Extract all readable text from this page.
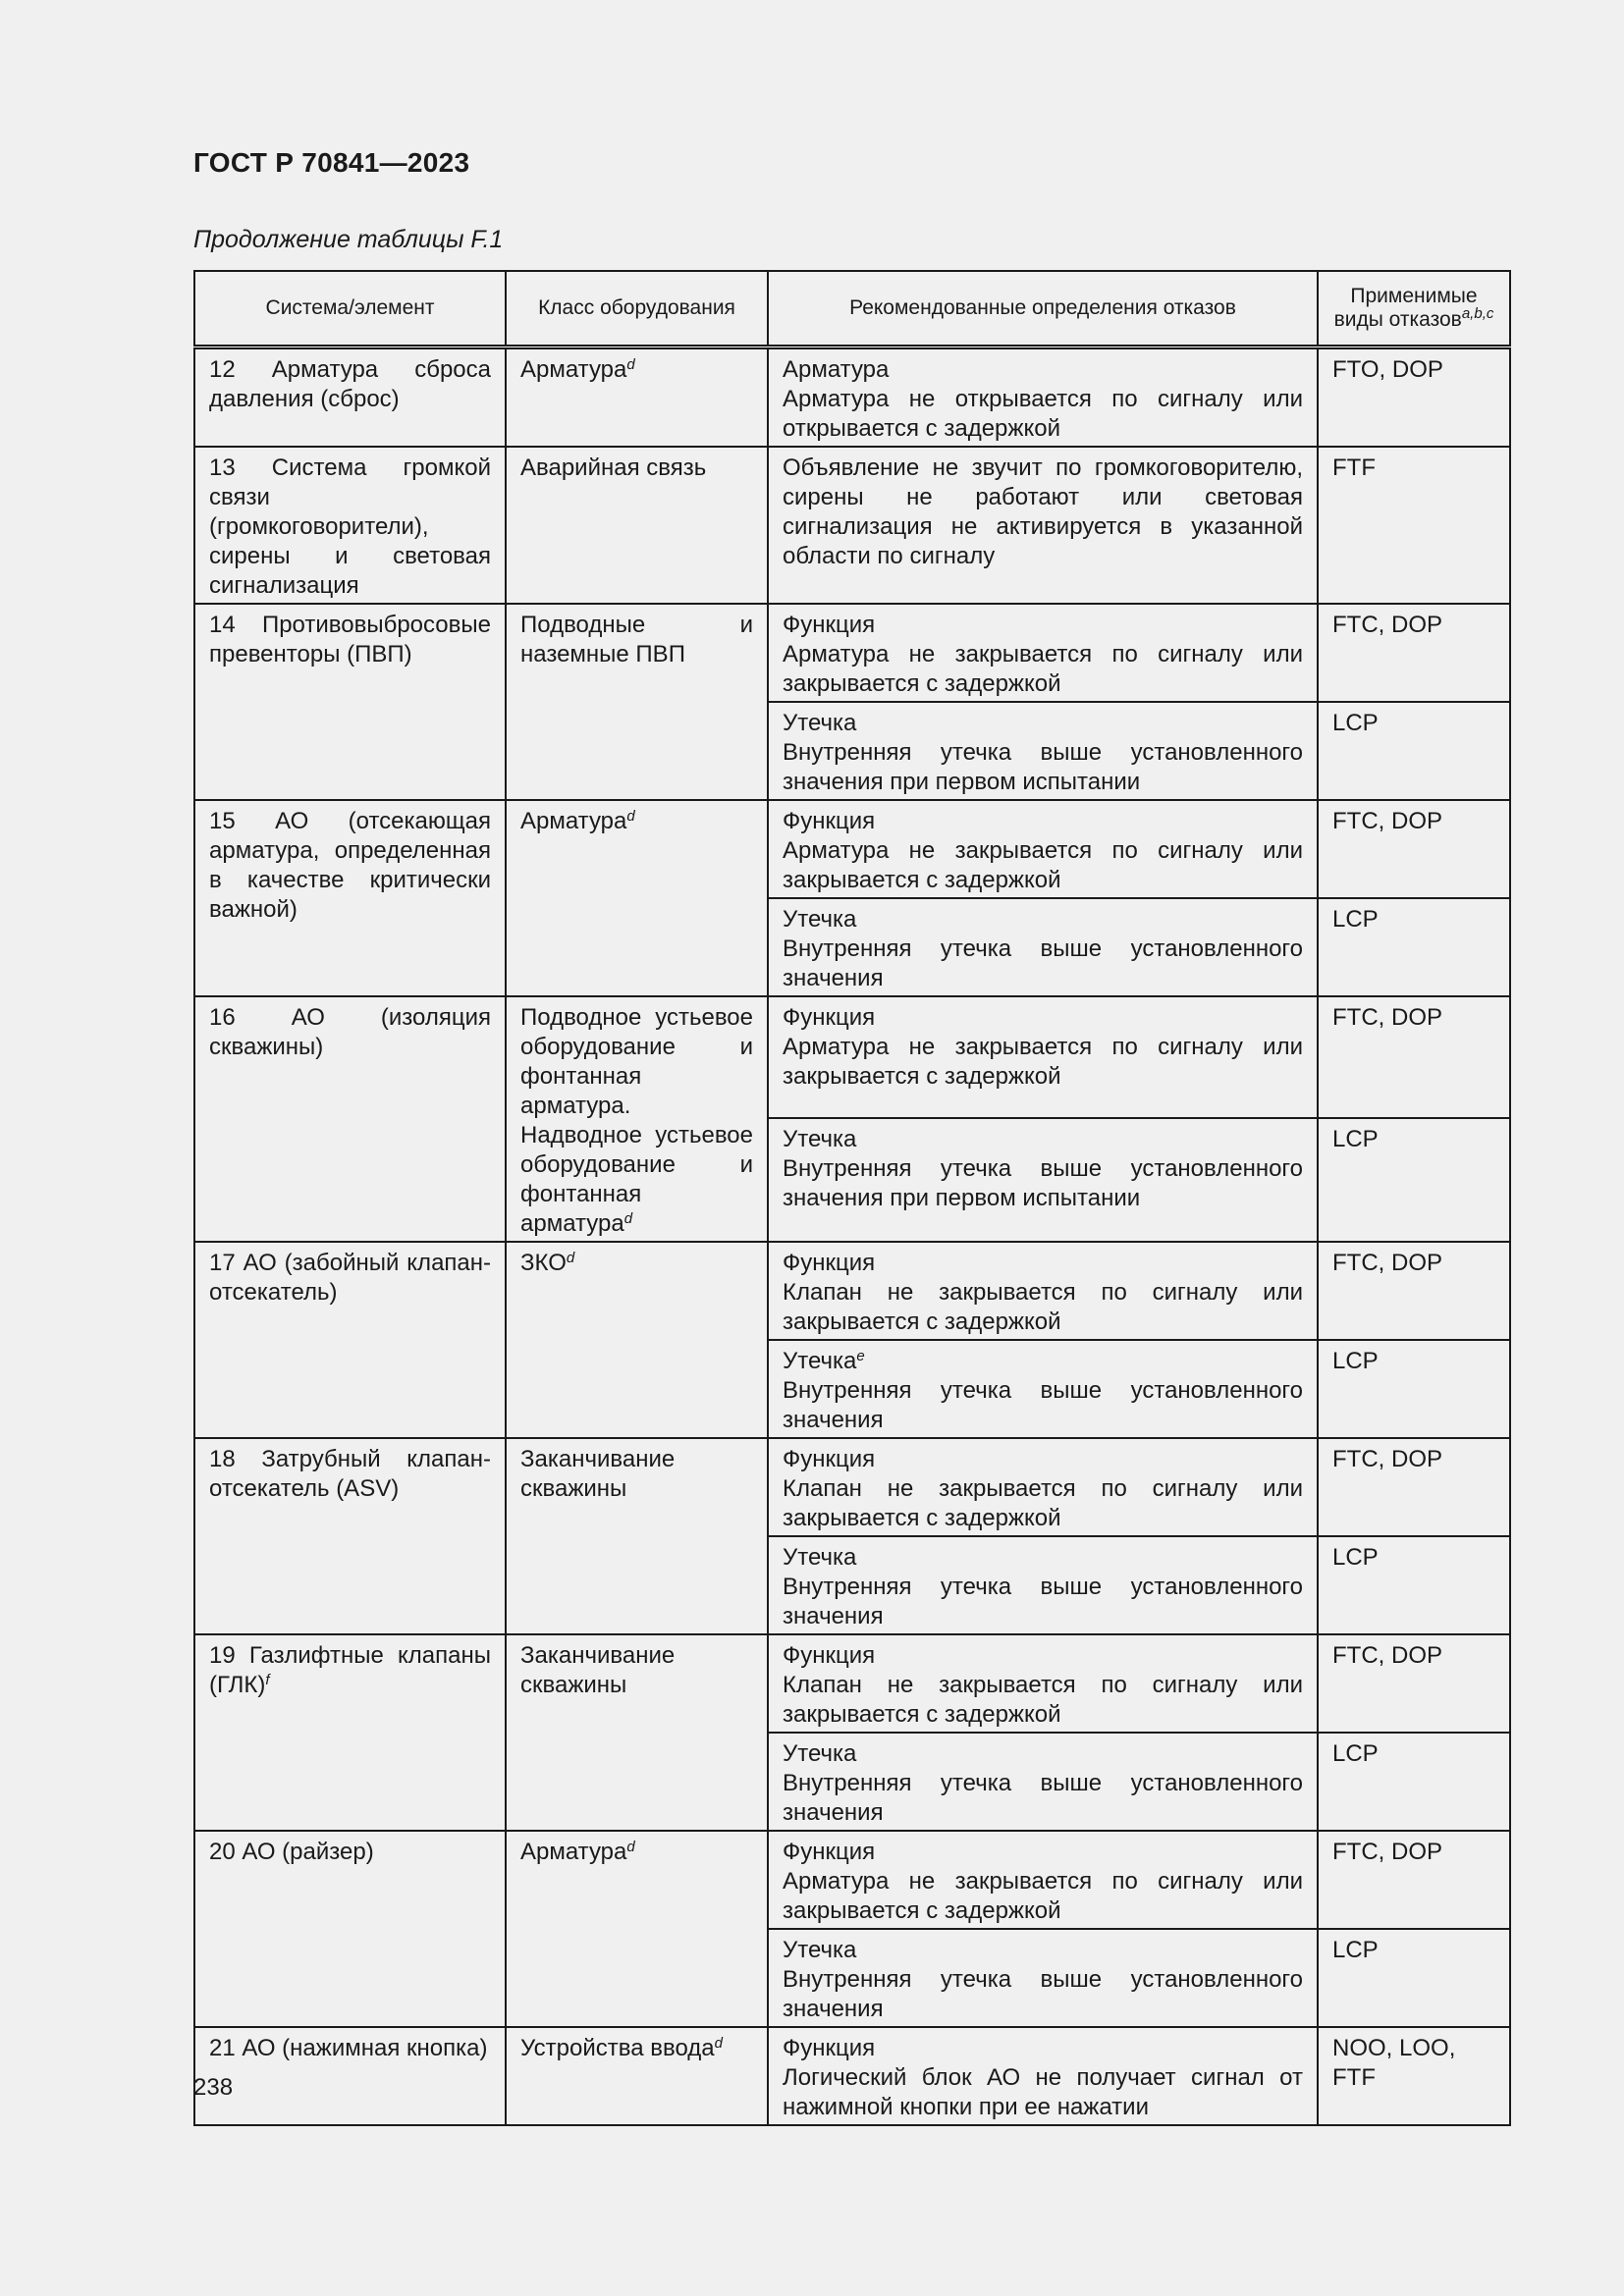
ГОСТ Р 70841—2023
Продолжение таблицы F.1
Система/элемент	Класс оборудования	Рекомендованные определения отказов	Применимые
виды отказов$^{a,b,c}$
12 Арматура сброса давления (сброс)	Арматура$^d$	Арматура
Арматура не открывается по сигналу или открывается с задержкой	FTO, DOP
13 Система громкой связи (громкоговорители), сирены и световая сигнализация	Аварийная связь	Объявление не звучит по громкоговорителю, сирены не работают или световая сигнализация не активируется в указанной области по сигналу	FTF
14 Противовыбросовые превенторы (ПВП)	Подводные и наземные ПВП	Функция
Арматура не закрывается по сигналу или закрывается с задержкой	FTC, DOP

		Утечка
Внутренняя утечка выше установленного значения при первом испытании	LCP
15 АО (отсекающая арматура, определенная в качестве критически важной)	Арматура$^d$	Функция
Арматура не закрывается по сигналу или закрывается с задержкой	FTC, DOP

		Утечка
Внутренняя утечка выше установленного значения	LCP
16 АО (изоляция скважины)	Подводное устьевое оборудование и фонтанная арматура. Надводное устьевое оборудование и фонтанная арматура$^d$	Функция
Арматура не закрывается по сигналу или закрывается с задержкой	FTC, DOP

		Утечка
Внутренняя утечка выше установленного значения при первом испытании	LCP
17 АО (забойный клапан-отсекатель)	ЗКО$^d$	Функция
Клапан не закрывается по сигналу или закрывается с задержкой	FTC, DOP

		Утечка$^e$
Внутренняя утечка выше установленного значения	LCP
18 Затрубный клапан-отсекатель (ASV)	Заканчивание скважины	Функция
Клапан не закрывается по сигналу или закрывается с задержкой	FTC, DOP

		Утечка
Внутренняя утечка выше установленного значения	LCP
19 Газлифтные клапаны (ГЛК)$^f$	Заканчивание скважины	Функция
Клапан не закрывается по сигналу или закрывается с задержкой	FTC, DOP

		Утечка
Внутренняя утечка выше установленного значения	LCP
20 АО (райзер)	Арматура$^d$	Функция
Арматура не закрывается по сигналу или закрывается с задержкой	FTC, DOP

		Утечка
Внутренняя утечка выше установленного значения	LCP
21 АО (нажимная кнопка)	Устройства ввода$^d$	Функция
Логический блок АО не получает сигнал от нажимной кнопки при ее нажатии	NOO, LOO, FTF
238
